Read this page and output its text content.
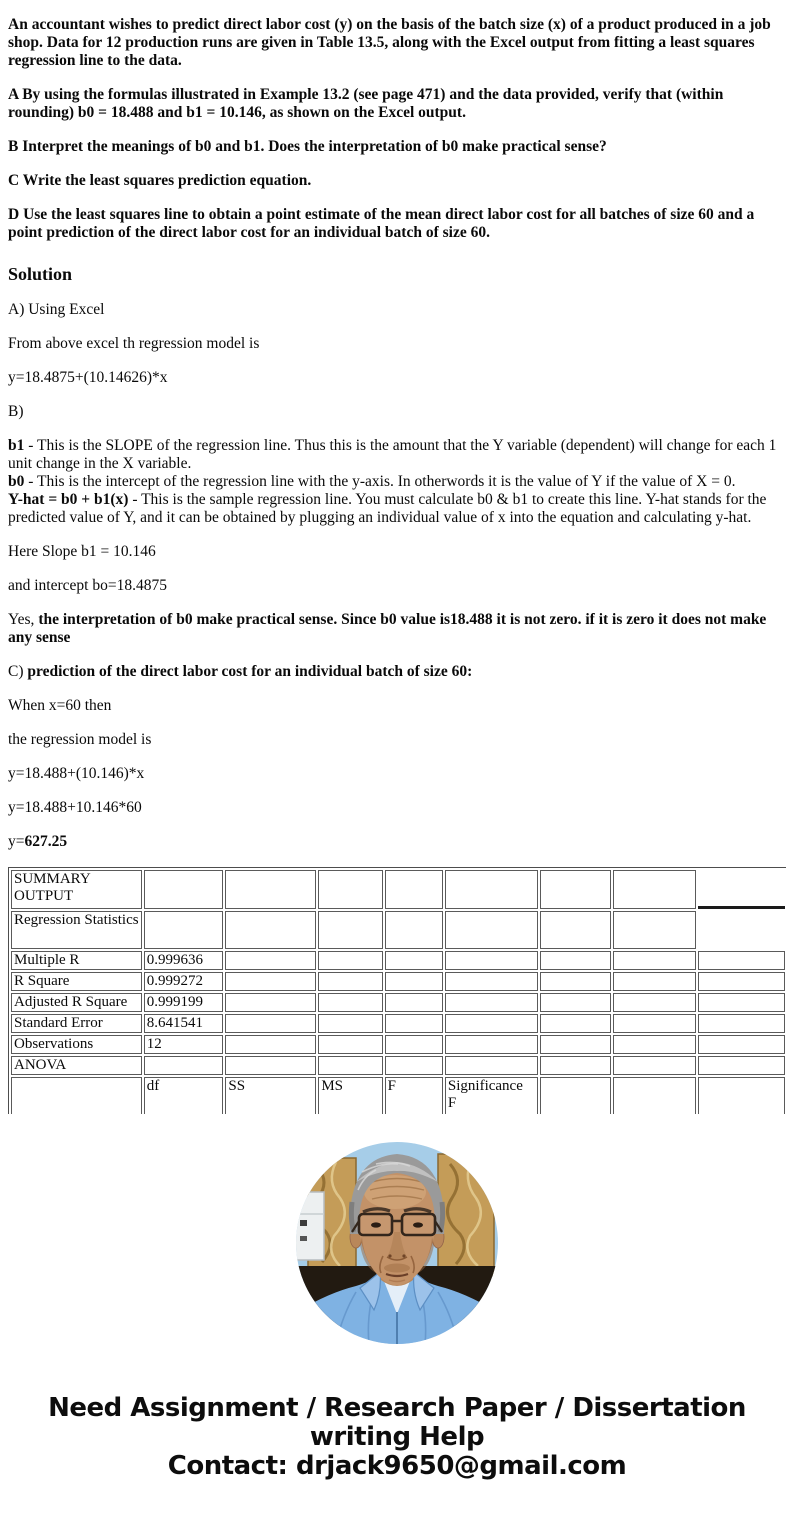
An accountant wishes to predict direct labor cost (y) on the basis of the batch size (x) of a product produced in a job shop. Data for 12 production runs are given in Table 13.5, along with the Excel output from fitting a least squares regression line to the data.

A By using the formulas illustrated in Example 13.2 (see page 471) and the data provided, verify that (within rounding) b0 = 18.488 and b1 = 10.146, as shown on the Excel output.

B Interpret the meanings of b0 and b1. Does the interpretation of b0 make practical sense?

C Write the least squares prediction equation.

D Use the least squares line to obtain a point estimate of the mean direct labor cost for all batches of size 60 and a point prediction of the direct labor cost for an individual batch of size 60.

Solution

A) Using Excel

From above excel th regression model is

y=18.4875+(10.14626)*x

B)

b1 - This is the SLOPE of the regression line. Thus this is the amount that the Y variable (dependent) will change for each 1 unit change in the X variable.
b0 - This is the intercept of the regression line with the y-axis. In otherwords it is the value of Y if the value of X = 0.
Y-hat = b0 + b1(x) - This is the sample regression line. You must calculate b0 & b1 to create this line. Y-hat stands for the predicted value of Y, and it can be obtained by plugging an individual value of x into the equation and calculating y-hat.

Here Slope b1 = 10.146

and intercept bo=18.4875

Yes, the interpretation of b0 make practical sense. Since b0 value is18.488 it is not zero. if it is zero it does not make any sense

C) prediction of the direct labor cost for an individual batch of size 60:

When x=60 then

the regression model is

y=18.488+(10.146)*x

y=18.488+10.146*60

y=627.25

SUMMARY OUTPUT								
Regression Statistics								
Multiple R	0.999636							
R Square	0.999272							
Adjusted R Square	0.999199							
Standard Error	8.641541							
Observations	12							
ANOVA								
	df	SS	MS	F	Significance F			
Need Assignment / Research Paper / Dissertation
writing Help
Contact: drjack9650@gmail.com
